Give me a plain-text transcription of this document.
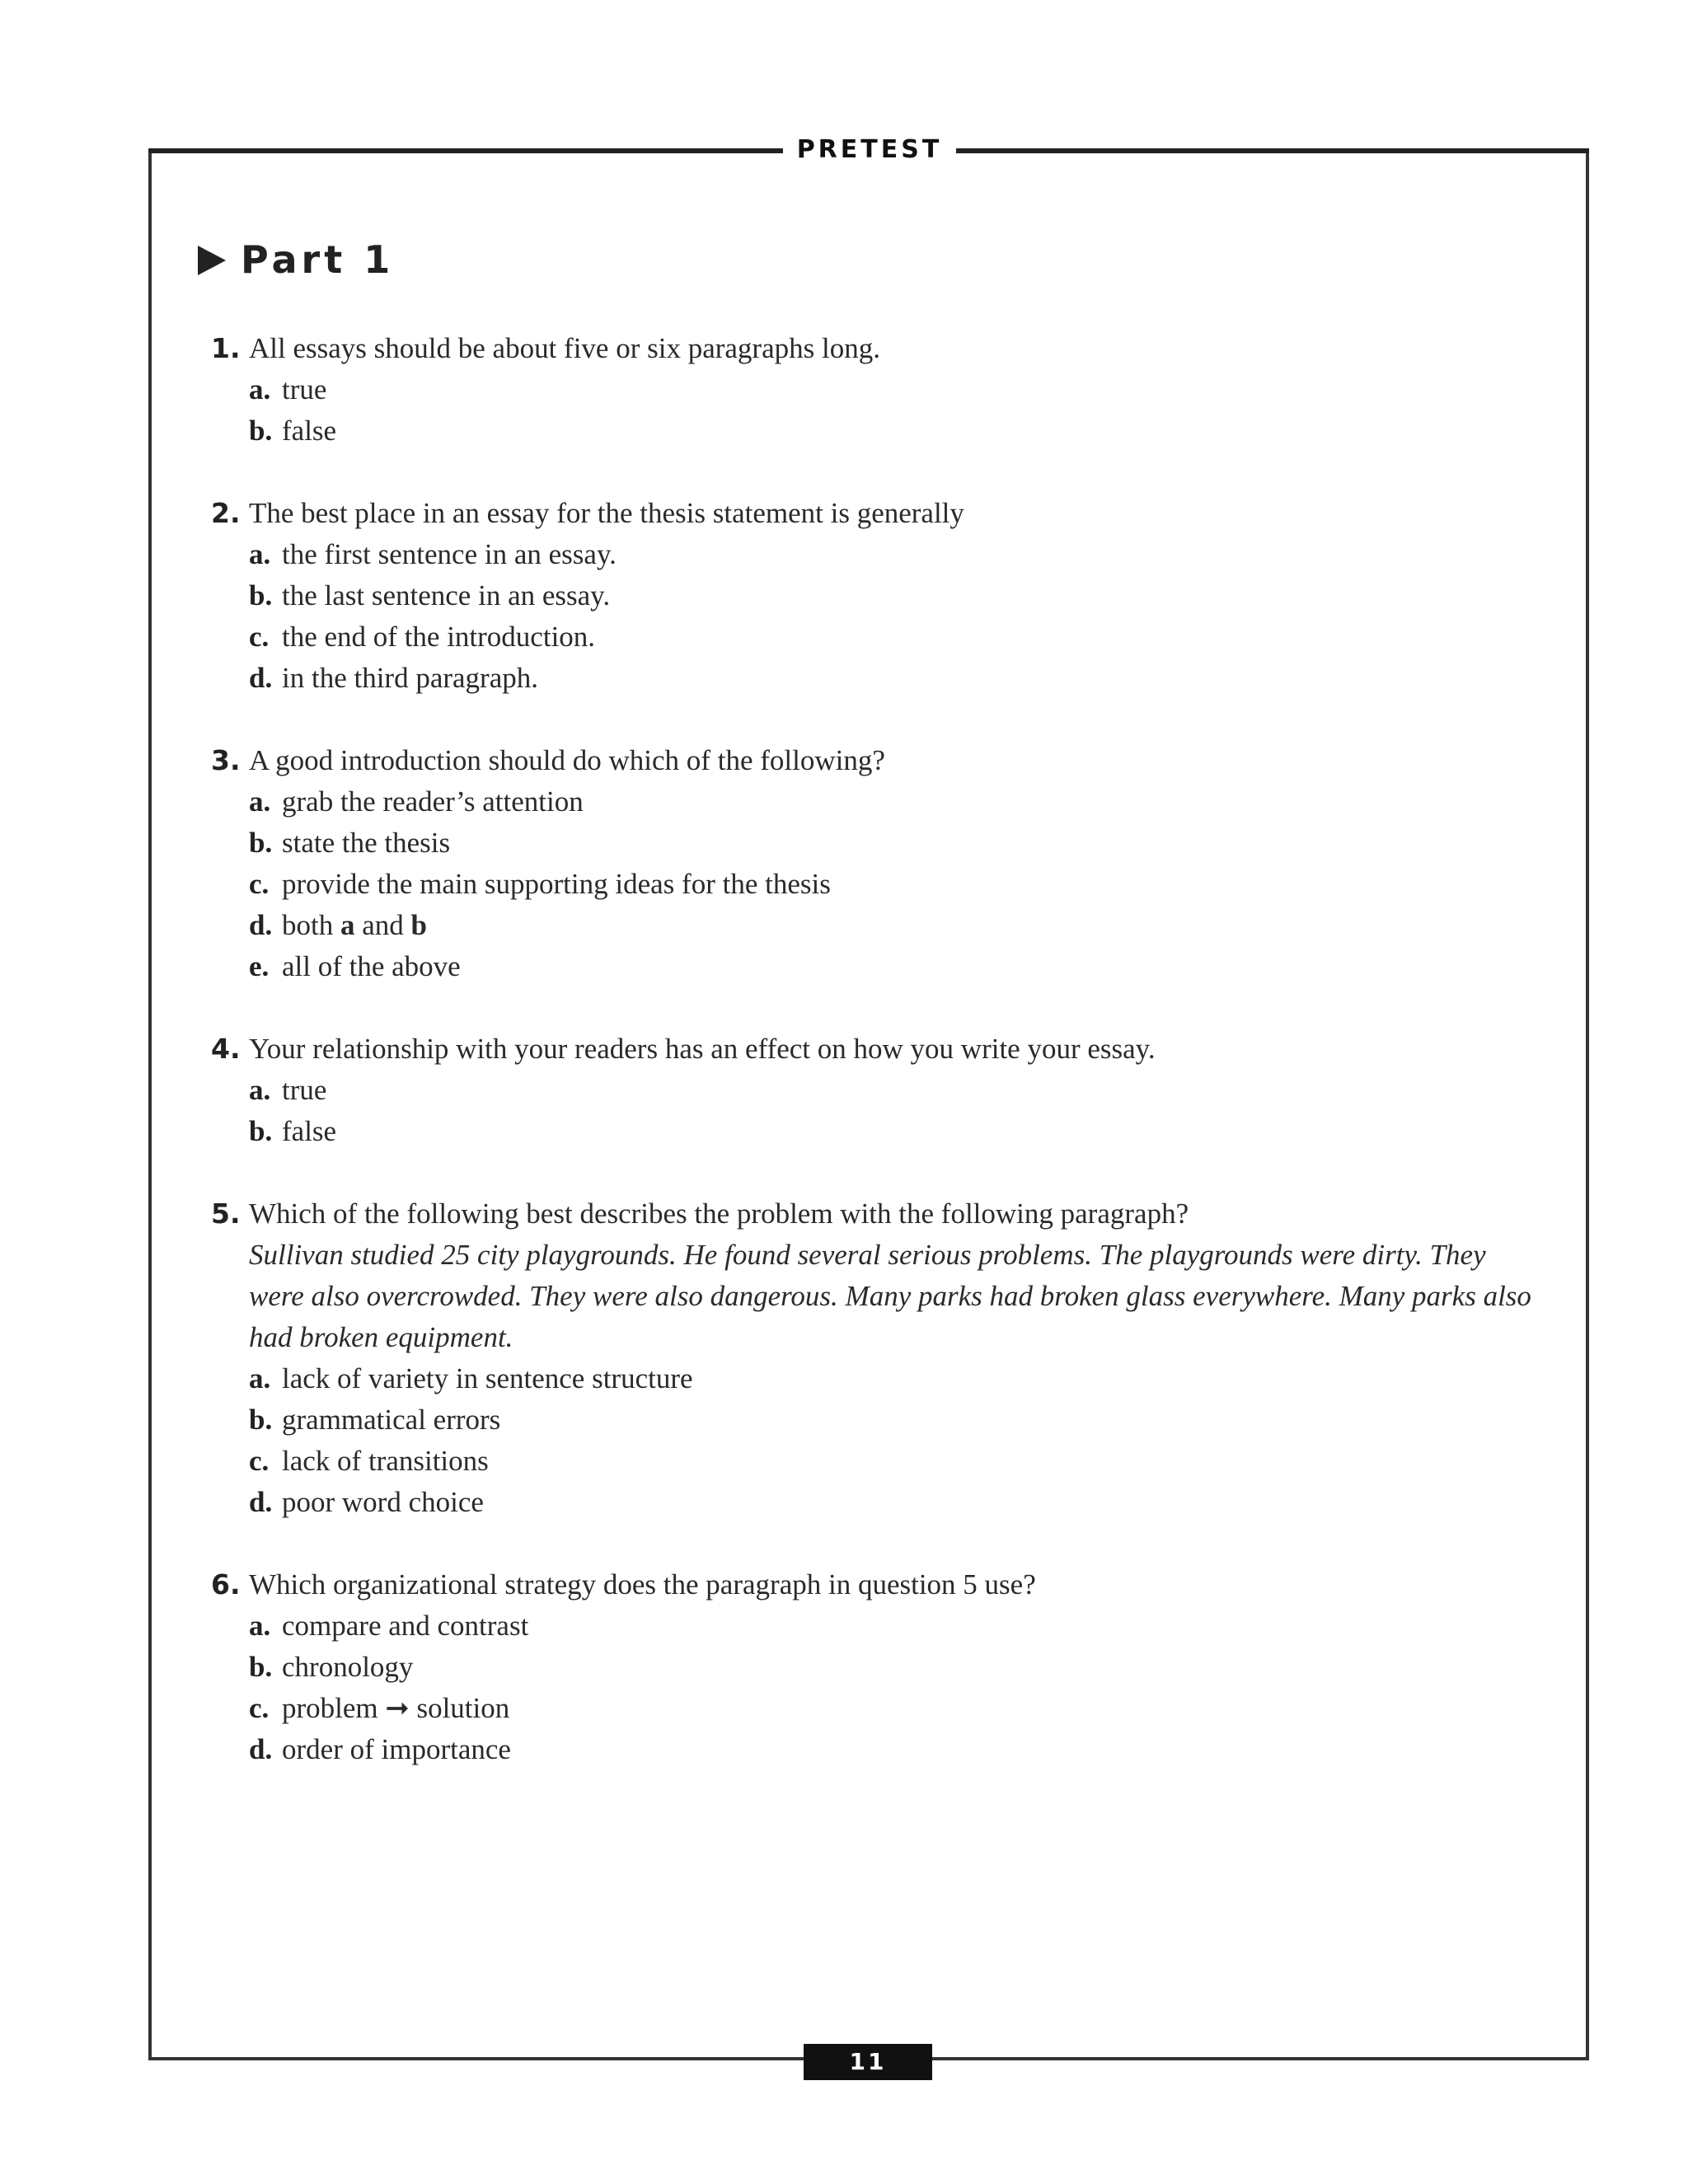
PRETEST
Part 1
1. All essays should be about five or six paragraphs long.
a. true
b. false
2. The best place in an essay for the thesis statement is generally
a. the first sentence in an essay.
b. the last sentence in an essay.
c. the end of the introduction.
d. in the third paragraph.
3. A good introduction should do which of the following?
a. grab the reader’s attention
b. state the thesis
c. provide the main supporting ideas for the thesis
d. both a and b
e. all of the above
4. Your relationship with your readers has an effect on how you write your essay.
a. true
b. false
5. Which of the following best describes the problem with the following paragraph?
Sullivan studied 25 city playgrounds. He found several serious problems. The playgrounds were dirty. They were also overcrowded. They were also dangerous. Many parks had broken glass everywhere. Many parks also had broken equipment.
a. lack of variety in sentence structure
b. grammatical errors
c. lack of transitions
d. poor word choice
6. Which organizational strategy does the paragraph in question 5 use?
a. compare and contrast
b. chronology
c. problem ➞ solution
d. order of importance
11
